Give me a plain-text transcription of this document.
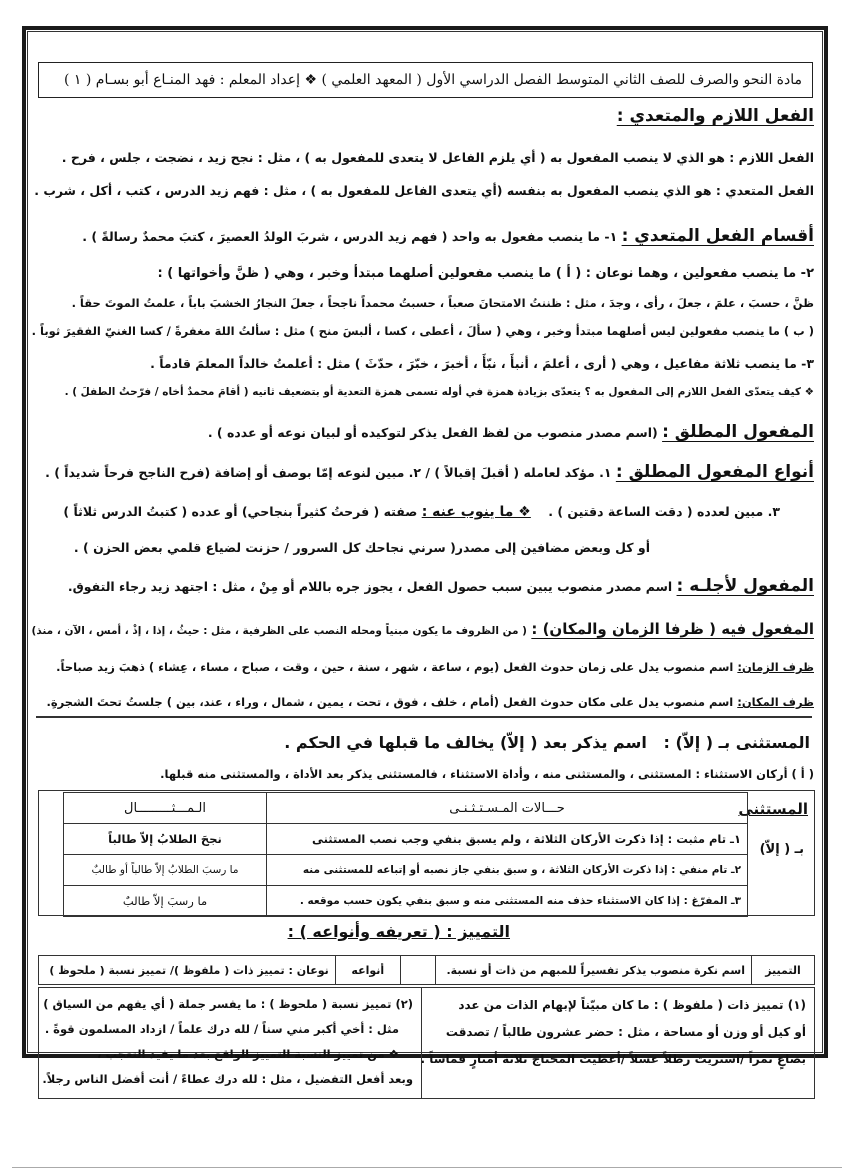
مادة النحو والصرف للصف الثاني المتوسط الفصل الدراسي الأول ( المعهد العلمي ) ❖ إعداد المعلم : فهد المنـاع أبو بسـام ( ١ )
الفعل اللازم والمتعدي :
الفعل اللازم : هو الذي لا ينصب المفعول به ( أي يلزم الفاعل لا يتعدى للمفعول به ) ، مثل : نجح زيد ، نضجت ، جلس ، فرح .
الفعل المتعدي : هو الذي ينصب المفعول به بنفسه (أي يتعدى الفاعل للمفعول به ) ، مثل : فهم زيد الدرس ، كتب ، أكل ، شرب .
أقسام الفعل المتعدي : ١- ما ينصب مفعول به واحد ( فهم زيد الدرس ، شربَ الولدُ العصيرَ ، كتبَ محمدٌ رسالةً ) .
٢- ما ينصب مفعولين ، وهما نوعان : ( أ ) ما ينصب مفعولين أصلهما مبتدأ وخبر ، وهي ( ظنَّ وأخواتها ) :
ظنَّ ، حسبَ ، علمَ ، جعلَ ، رأى ، وجدَ ، مثل : ظننتُ الامتحانَ صعباً ، حسبتُ محمداً ناجحاً ، جعلَ النجارُ الخشبَ باباً ، علمتُ الموتَ حقاً .
( ب ) ما ينصب مفعولين ليس أصلهما مبتدأ وخبر ، وهي ( سألَ ، أعطى ، كسا ، ألبسَ منح ) مثل : سألتُ اللهَ مغفرةً / كسا الغنيّ الفقيرَ ثوباً .
٣- ما ينصب ثلاثة مفاعيل ، وهي ( أرى ، أعلمَ ، أنبأَ ، نبّأَ ، أخبرَ ، خبّرَ ، حدّثَ ) مثل : أعلمتُ خالداً المعلمَ قادماً .
❖ كيف يتعدّى الفعل اللازم إلى المفعول به ؟ يتعدّى بزيادة همزة في أوله تسمى همزة التعدية أو بتضعيف ثانيه ( أقامَ محمدٌ أخاه / فرّحتُ الطفلَ ) .
المفعول المطلق : (اسم مصدر منصوب من لفظ الفعل يذكر لتوكيده أو لبيان نوعه أو عدده ) .
أنواع المفعول المطلق : ١. مؤكد لعامله ( أقبلَ إقبالاً ) / ٢. مبين لنوعه إمّا بوصف أو إضافة (فرح الناجح فرحاً شديداً ) .
٣. مبين لعدده ( دقت الساعة دقتين ) .    ❖ ما ينوب عنه : صفته ( فرحتُ كثيراً بنجاحي) أو عدده ( كتبتُ الدرس ثلاثاً )
أو كل وبعض مضافين إلى مصدر( سرني نجاحك كل السرور / حزنت لضياع قلمي بعض الحزن ) .
المفعول لأجلـه : اسم مصدر منصوب يبين سبب حصول الفعل ، يجوز جره باللام أو مِنْ ، مثل : اجتهد زيد رجاء التفوق.
المفعول فيه ( ظرفا الزمان والمكان) : ( من الظروف ما يكون مبنياً ومحله النصب على الظرفية ، مثل : حيثُ ، إذا ، إذْ ، أمس ، الآن ، منذ)
ظرف الزمان: اسم منصوب يدل على زمان حدوث الفعل (يوم ، ساعة ، شهر ، سنة ، حين ، وقت ، صباح ، مساء ، عِشاء ) ذهبَ زيد صباحاً.
ظرف المكان: اسم منصوب يدل على مكان حدوث الفعل (أمام ، خلف ، فوق ، تحت ، يمين ، شمال ، وراء ، عند، بين ) جلستُ تحتَ الشجرةِ.
المستثنى بـ ( إلاّ) :   اسم يذكر بعد ( إلاّ) يخالف ما قبلها في الحكم .
( أ ) أركان الاستثناء : المستثنى ، والمستثنى منه ، وأداة الاستثناء ، فالمستثنى يذكر بعد الأداة ، والمستثنى منه قبلها.
المستثنى
بـ ( إلاّ)
حـــالات المـسـتـثـنـى	الـمـــثـــــــــال
١ـ تام مثبت : إذا ذكرت الأركان الثلاثة ، ولم يسبق بنفي وجب نصب المستثنى	نجحَ الطلابُ إلاّ طالباً
٢ـ تام منفي : إذا ذكرت الأركان الثلاثة ، و سبق بنفي جاز نصبه أو إتباعه للمستثنى منه	ما رسبَ الطلابُ إلاّ طالباً أو طالبٌ
٣ـ المفرّغ : إذا كان الاستثناء حذف منه المستثنى منه و سبق بنفي يكون حسب موقعه .	ما رسبَ إلاّ طالبٌ
التمييز : ( تعريفه وأنواعه ) :
التمييز	اسم نكرة منصوب يذكر تفسيراً للمبهم من ذات أو نسبة.		أنواعه	نوعان : تمييز ذات ( ملفوظ )/ تمييز نسبة ( ملحوظ )
(١) تمييز ذات ( ملفوظ ) : ما كان مبيّناً لإبهام الذات من عدد
أو كيل أو وزن أو مساحة ، مثل : حضر عشرون طالباً / تصدقت
بصاعٍ تمراً /اشتريت رطلاً عسلاً /أعطيت المحتاج ثلاثةَ أمتارٍ قماشاً .
(٢) تمييز نسبة ( ملحوظ ) : ما يفسر جملة ( أي يفهم من السياق )
مثل : أخي أكبر مني سناً / لله درك علماً / ازداد المسلمون قوةً .
❖ من تمييز النسبة التمييز الواقع بعد ما يفيد التعجب ،
وبعد أفعل التفضيل ، مثل : لله درك عطاءً / أنت أفضل الناس رجلاً.
